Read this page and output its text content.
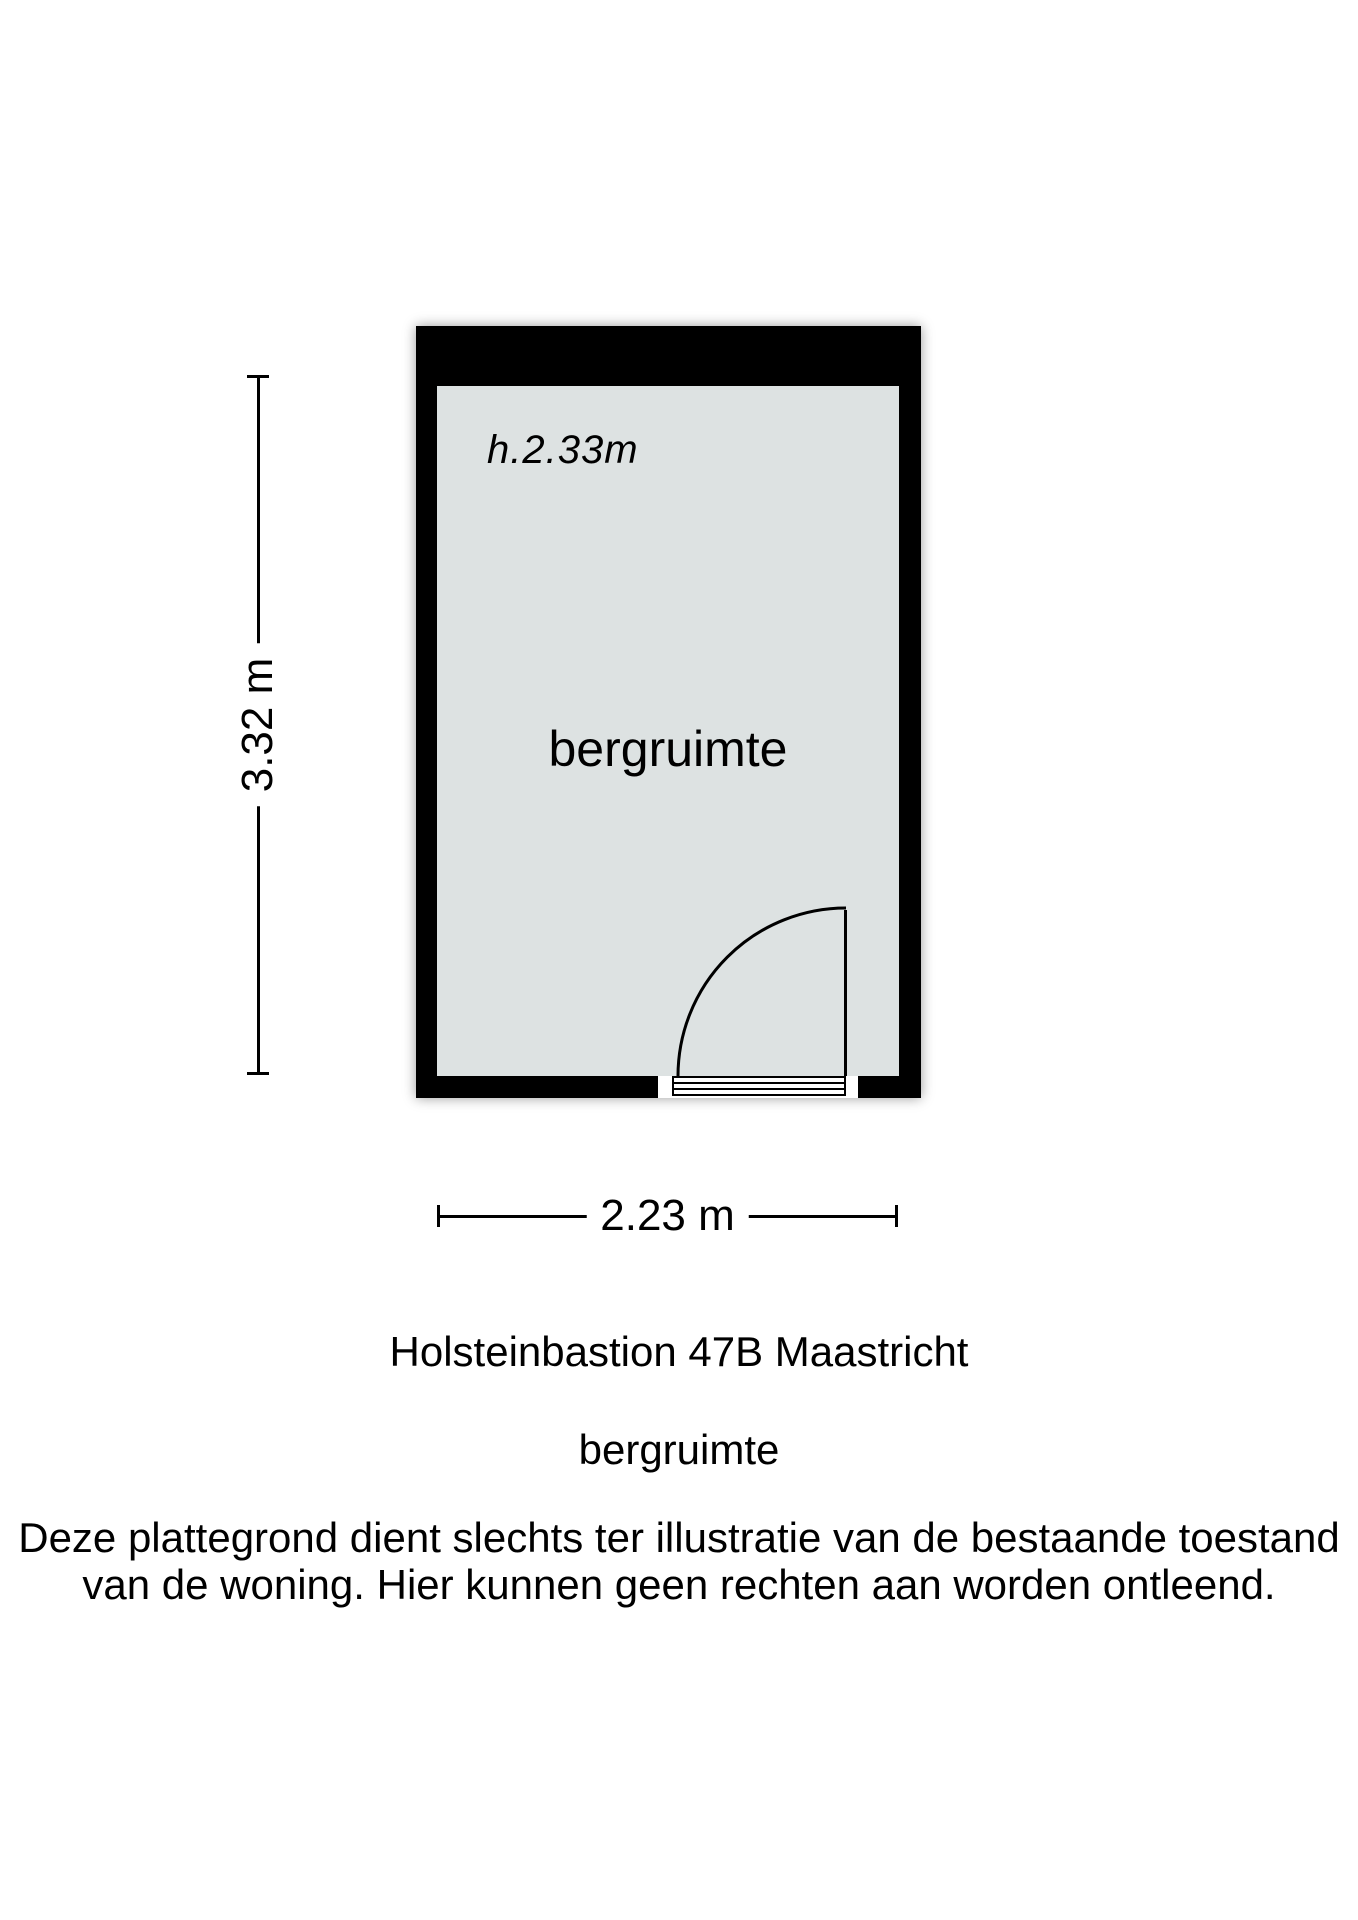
h.2.33m
bergruimte
3.32 m
2.23 m
Holsteinbastion 47B Maastricht
bergruimte
Deze plattegrond dient slechts ter illustratie van de bestaande toestand
van de woning. Hier kunnen geen rechten aan worden ontleend.
